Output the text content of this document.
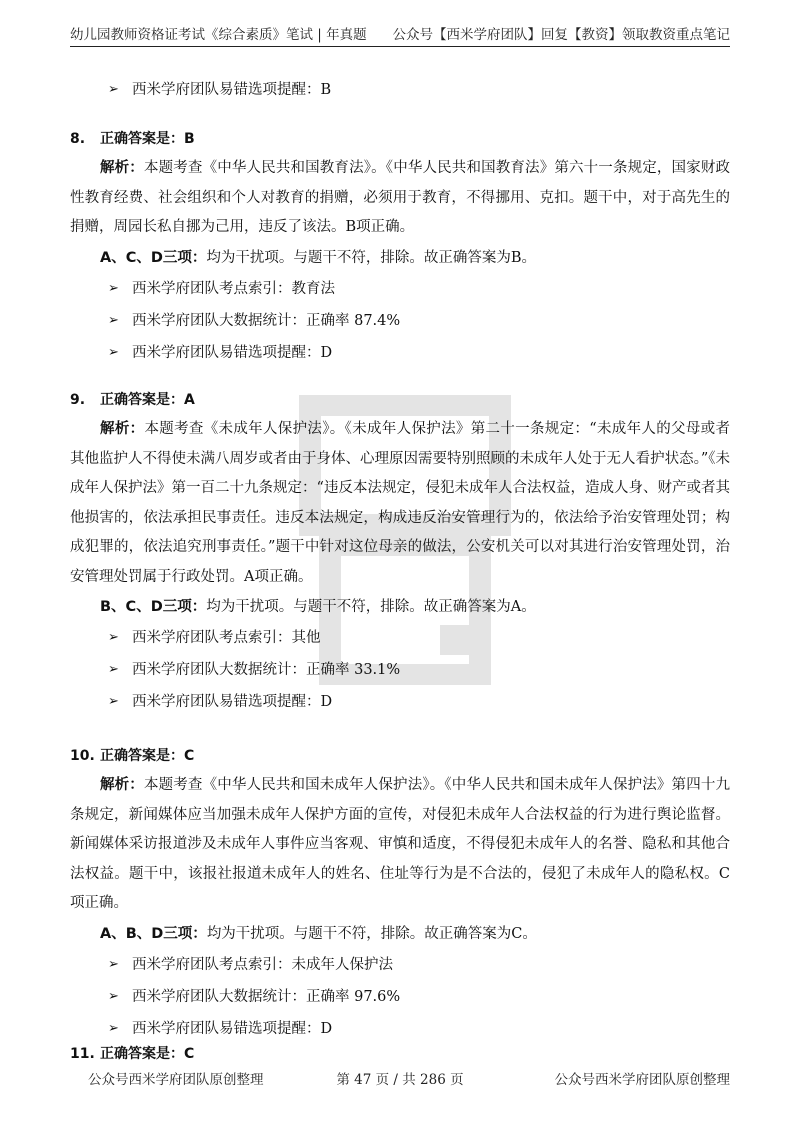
幼儿园教师资格证考试《综合素质》笔试 | 年真题 公众号【西米学府团队】回复【教资】领取教资重点笔记
➢ 西米学府团队易错选项提醒：B
8. 正确答案是：B
解析：本题考查《中华人民共和国教育法》。《中华人民共和国教育法》第六十一条规定，国家财政性教育经费、社会组织和个人对教育的捐赠，必须用于教育，不得挪用、克扣。题干中，对于高先生的捐赠，周园长私自挪为己用，违反了该法。B项正确。
A、C、D三项：均为干扰项。与题干不符，排除。故正确答案为B。
➢ 西米学府团队考点索引：教育法
➢ 西米学府团队大数据统计：正确率 87.4%
➢ 西米学府团队易错选项提醒：D
9. 正确答案是：A
解析：本题考查《未成年人保护法》。《未成年人保护法》第二十一条规定：“未成年人的父母或者其他监护人不得使未满八周岁或者由于身体、心理原因需要特别照顾的未成年人处于无人看护状态。”《未成年人保护法》第一百二十九条规定：“违反本法规定，侵犯未成年人合法权益，造成人身、财产或者其他损害的，依法承担民事责任。违反本法规定，构成违反治安管理行为的，依法给予治安管理处罚；构成犯罪的，依法追究刑事责任。”题干中针对这位母亲的做法，公安机关可以对其进行治安管理处罚，治安管理处罚属于行政处罚。A项正确。
B、C、D三项：均为干扰项。与题干不符，排除。故正确答案为A。
➢ 西米学府团队考点索引：其他
➢ 西米学府团队大数据统计：正确率 33.1%
➢ 西米学府团队易错选项提醒：D
10. 正确答案是：C
解析：本题考查《中华人民共和国未成年人保护法》。《中华人民共和国未成年人保护法》第四十九条规定，新闻媒体应当加强未成年人保护方面的宣传，对侵犯未成年人合法权益的行为进行舆论监督。新闻媒体采访报道涉及未成年人事件应当客观、审慎和适度，不得侵犯未成年人的名誉、隐私和其他合法权益。题干中，该报社报道未成年人的姓名、住址等行为是不合法的，侵犯了未成年人的隐私权。C项正确。
A、B、D三项：均为干扰项。与题干不符，排除。故正确答案为C。
➢ 西米学府团队考点索引：未成年人保护法
➢ 西米学府团队大数据统计：正确率 97.6%
➢ 西米学府团队易错选项提醒：D
11. 正确答案是：C
公众号西米学府团队原创整理	第 47 页 / 共 286 页	公众号西米学府团队原创整理
